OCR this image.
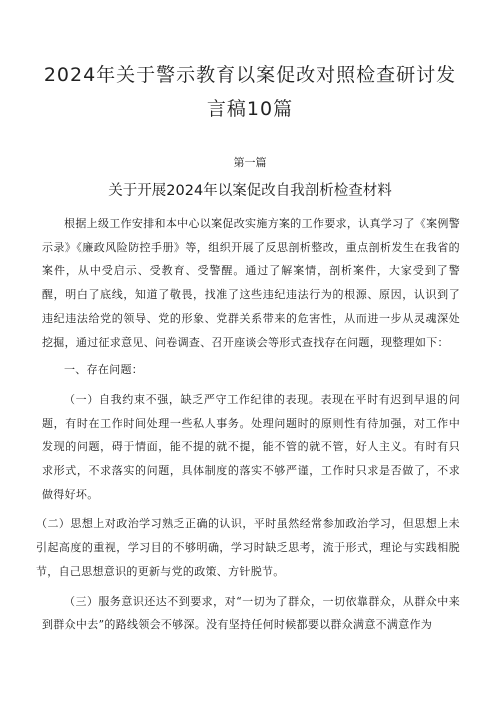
2024年关于警示教育以案促改对照检查研讨发言稿10篇

第一篇

关于开展2024年以案促改自我剖析检查材料

根据上级工作安排和本中心以案促改实施方案的工作要求，认真学习了《案例警示录》《廉政风险防控手册》等，组织开展了反思剖析整改，重点剖析发生在我省的案件，从中受启示、受教育、受警醒。通过了解案情，剖析案件，大家受到了警醒，明白了底线，知道了敬畏，找准了这些违纪违法行为的根源、原因，认识到了违纪违法给党的领导、党的形象、党群关系带来的危害性，从而进一步从灵魂深处挖掘，通过征求意见、问卷调查、召开座谈会等形式查找存在问题，现整理如下：

一、存在问题：

（一）自我约束不强，缺乏严守工作纪律的表现。表现在平时有迟到早退的问题，有时在工作时间处理一些私人事务。处理问题时的原则性有待加强，对工作中发现的问题，碍于情面，能不提的就不提，能不管的就不管，好人主义。有时有只求形式，不求落实的问题，具体制度的落实不够严谨，工作时只求是否做了，不求做得好坏。

（二）思想上对政治学习熟乏正确的认识，平时虽然经常参加政治学习，但思想上未引起高度的重视，学习目的不够明确，学习时缺乏思考，流于形式，理论与实践相脱节，自己思想意识的更新与党的政策、方针脱节。

（三）服务意识还达不到要求，对“一切为了群众，一切依靠群众，从群众中来到群众中去”的路线领会不够深。没有坚持任何时候都要以群众满意不满意作为
